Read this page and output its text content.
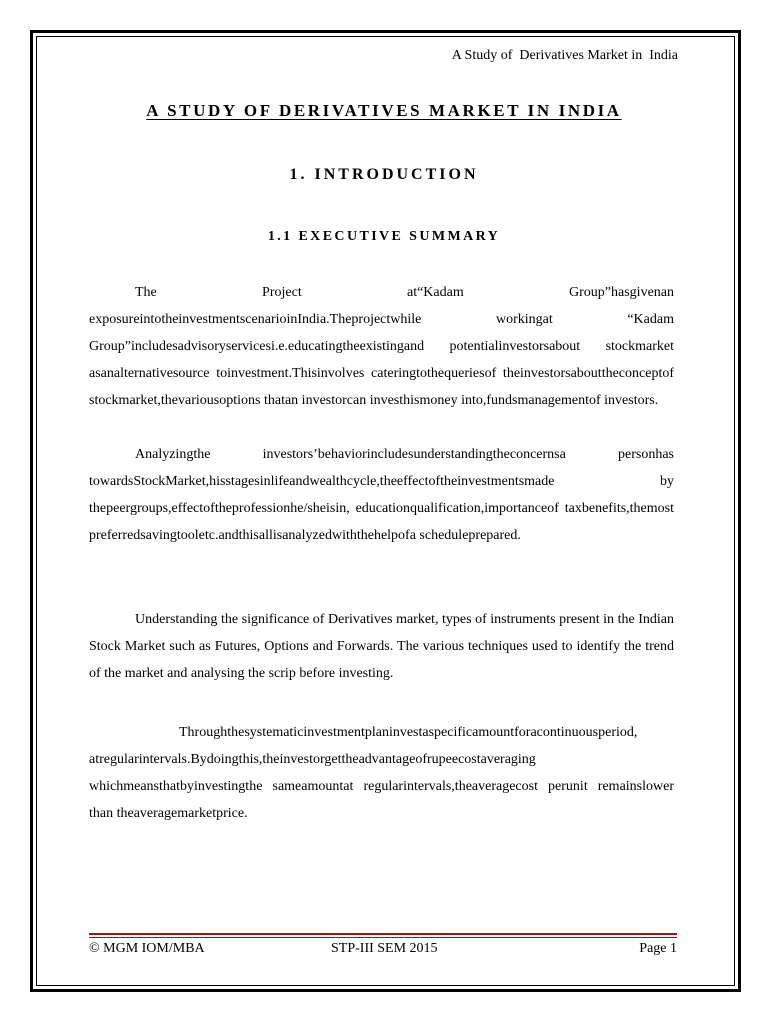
A Study of  Derivatives Market in  India
A STUDY OF DERIVATIVES MARKET IN INDIA
1. INTRODUCTION
1.1 EXECUTIVE SUMMARY
The Project at“Kadam Group”hasgivenan exposureintotheinvestmentscenarioinIndia.Theprojectwhile workingat “Kadam Group”includesadvisoryservicesi.e.educatingtheexistingand potentialinvestorsabout stockmarket asanalternativesource toinvestment.Thisinvolves cateringtothequeriesof theinvestorsabouttheconceptof stockmarket,thevariousoptions thatan investorcan investhismoney into,fundsmanagementof investors.
Analyzingthe investors’behaviorincludesunderstandingtheconcernsa personhas towardsStockMarket,hisstagesinlifeandwealthcycle,theeffectoftheinvestmentsmade by thepeergroups,effectoftheprofessionhe/sheisin, educationqualification,importanceof taxbenefits,themost preferredsavingtooletc.andthisallisanalyzedwiththehelpofa scheduleprepared.
Understanding the significance of Derivatives market, types of instruments present in the Indian Stock Market such as Futures, Options and Forwards. The various techniques used to identify the trend of the market and analysing the scrip before investing.
Throughthesystematicinvestmentplaninvestaspecificamountforacontinuousperiod, atregularintervals.Bydoingthis,theinvestorgettheadvantageofrupeecostaveraging whichmeansthatbyinvestingthe sameamountat regularintervals,theaveragecost perunit remainslower than theaveragemarketprice.
© MGM IOM/MBA	STP-III SEM 2015	Page 1
